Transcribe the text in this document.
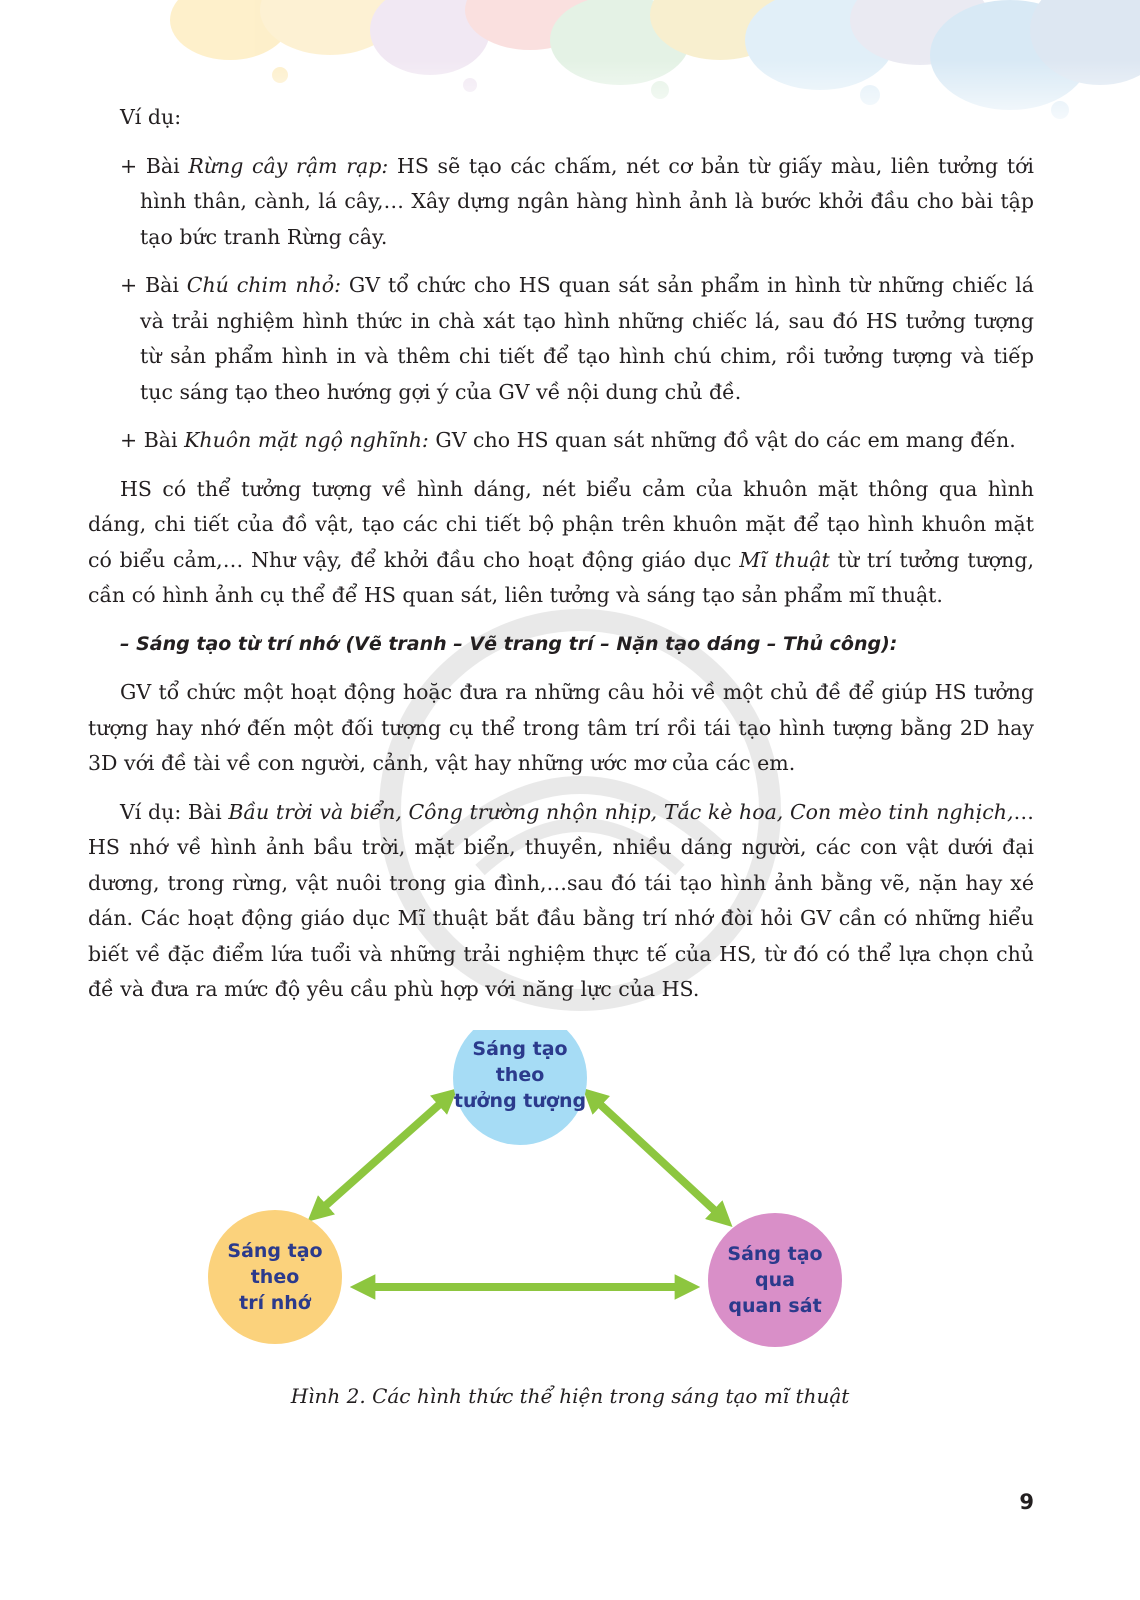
Ví dụ:

+ Bài Rừng cây rậm rạp: HS sẽ tạo các chấm, nét cơ bản từ giấy màu, liên tưởng tới hình thân, cành, lá cây,… Xây dựng ngân hàng hình ảnh là bước khởi đầu cho bài tập tạo bức tranh Rừng cây.

+ Bài Chú chim nhỏ: GV tổ chức cho HS quan sát sản phẩm in hình từ những chiếc lá và trải nghiệm hình thức in chà xát tạo hình những chiếc lá, sau đó HS tưởng tượng từ sản phẩm hình in và thêm chi tiết để tạo hình chú chim, rồi tưởng tượng và tiếp tục sáng tạo theo hướng gợi ý của GV về nội dung chủ đề.

+ Bài Khuôn mặt ngộ nghĩnh: GV cho HS quan sát những đồ vật do các em mang đến.

HS có thể tưởng tượng về hình dáng, nét biểu cảm của khuôn mặt thông qua hình dáng, chi tiết của đồ vật, tạo các chi tiết bộ phận trên khuôn mặt để tạo hình khuôn mặt có biểu cảm,… Như vậy, để khởi đầu cho hoạt động giáo dục Mĩ thuật từ trí tưởng tượng, cần có hình ảnh cụ thể để HS quan sát, liên tưởng và sáng tạo sản phẩm mĩ thuật.

– Sáng tạo từ trí nhớ (Vẽ tranh – Vẽ trang trí – Nặn tạo dáng – Thủ công):

GV tổ chức một hoạt động hoặc đưa ra những câu hỏi về một chủ đề để giúp HS tưởng tượng hay nhớ đến một đối tượng cụ thể trong tâm trí rồi tái tạo hình tượng bằng 2D hay 3D với đề tài về con người, cảnh, vật hay những ước mơ của các em.

Ví dụ: Bài Bầu trời và biển, Công trường nhộn nhịp, Tắc kè hoa, Con mèo tinh nghịch,… HS nhớ về hình ảnh bầu trời, mặt biển, thuyền, nhiều dáng người, các con vật dưới đại dương, trong rừng, vật nuôi trong gia đình,…sau đó tái tạo hình ảnh bằng vẽ, nặn hay xé dán. Các hoạt động giáo dục Mĩ thuật bắt đầu bằng trí nhớ đòi hỏi GV cần có những hiểu biết về đặc điểm lứa tuổi và những trải nghiệm thực tế của HS, từ đó có thể lựa chọn chủ đề và đưa ra mức độ yêu cầu phù hợp với năng lực của HS.

Sáng tạo
theo
tưởng tượng
Sáng tạo
theo
trí nhớ
Sáng tạo
qua
quan sát
Hình 2. Các hình thức thể hiện trong sáng tạo mĩ thuật
9
